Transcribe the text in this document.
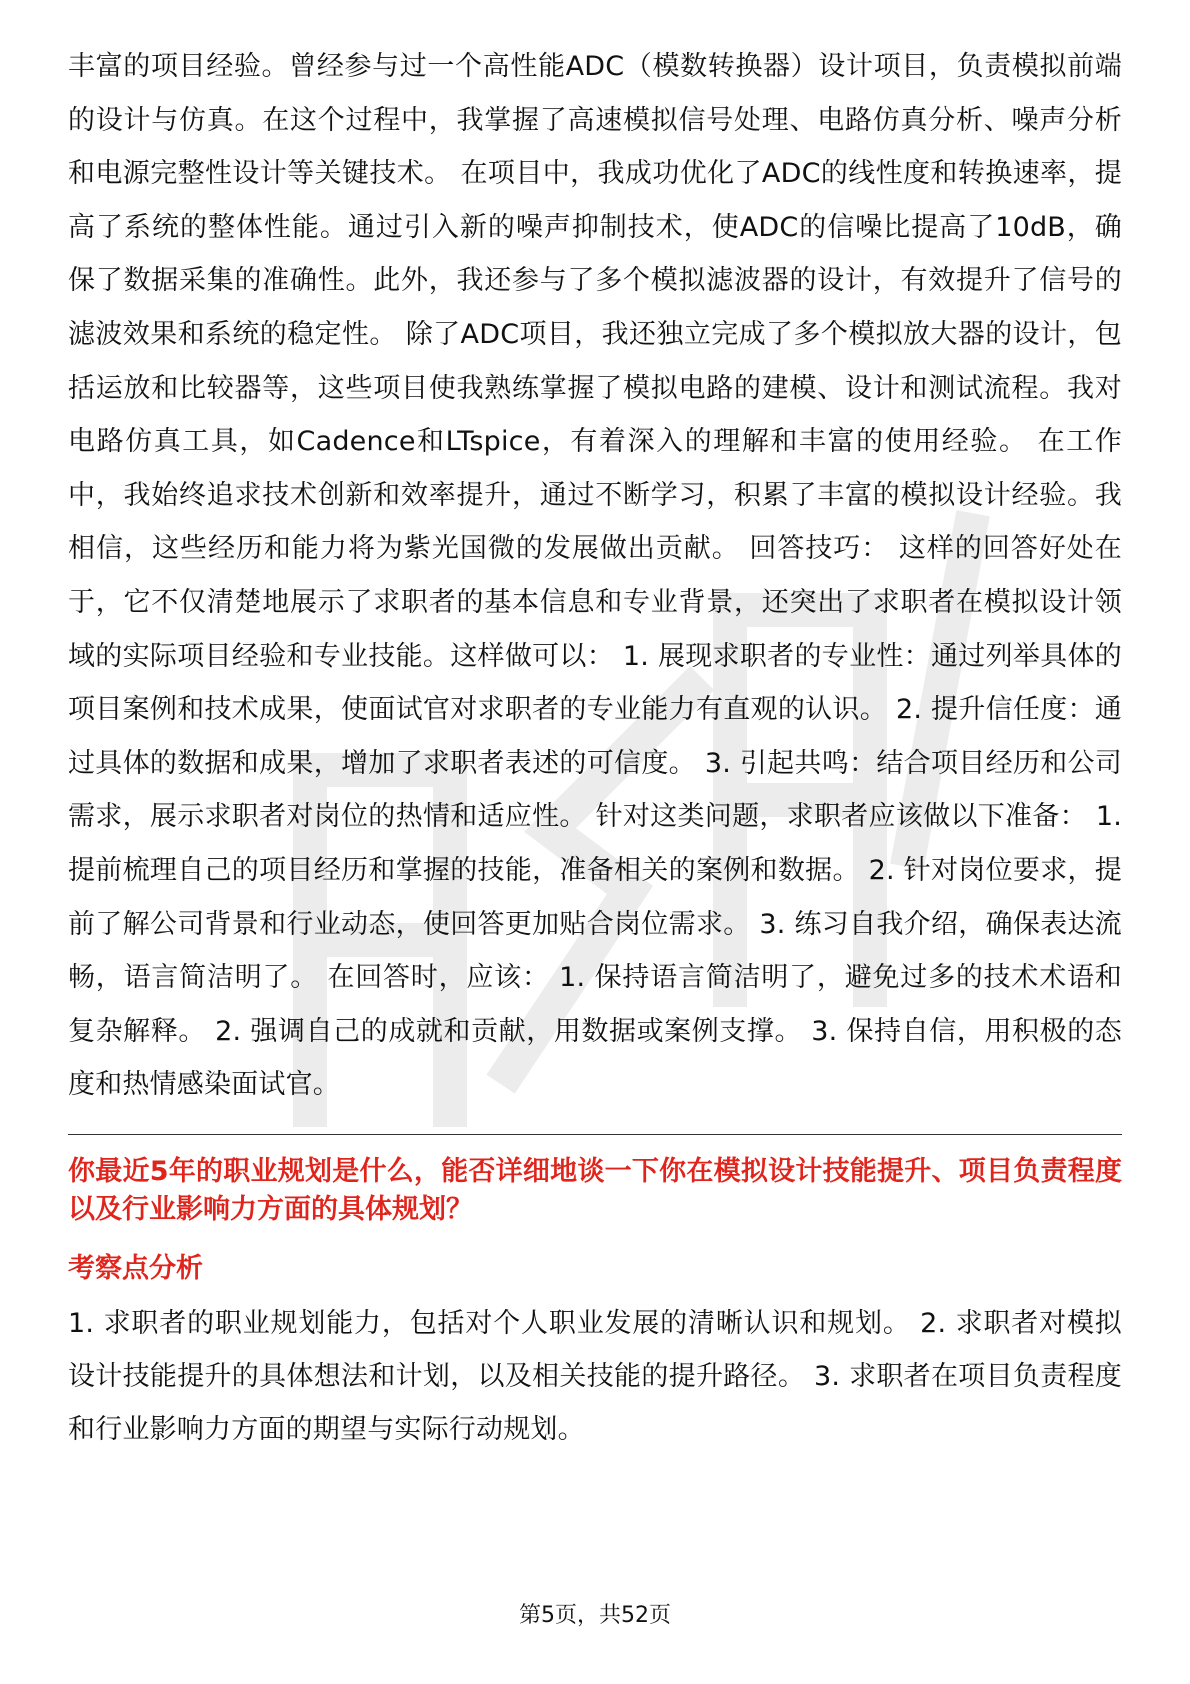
丰富的项目经验。曾经参与过一个高性能ADC（模数转换器）设计项目，负责模拟前端的设计与仿真。在这个过程中，我掌握了高速模拟信号处理、电路仿真分析、噪声分析和电源完整性设计等关键技术。 在项目中，我成功优化了ADC的线性度和转换速率，提高了系统的整体性能。通过引入新的噪声抑制技术，使ADC的信噪比提高了10dB，确保了数据采集的准确性。此外，我还参与了多个模拟滤波器的设计，有效提升了信号的滤波效果和系统的稳定性。 除了ADC项目，我还独立完成了多个模拟放大器的设计，包括运放和比较器等，这些项目使我熟练掌握了模拟电路的建模、设计和测试流程。我对电路仿真工具，如Cadence和LTspice，有着深入的理解和丰富的使用经验。 在工作中，我始终追求技术创新和效率提升，通过不断学习，积累了丰富的模拟设计经验。我相信，这些经历和能力将为紫光国微的发展做出贡献。 回答技巧： 这样的回答好处在于，它不仅清楚地展示了求职者的基本信息和专业背景，还突出了求职者在模拟设计领域的实际项目经验和专业技能。这样做可以： 1. 展现求职者的专业性：通过列举具体的项目案例和技术成果，使面试官对求职者的专业能力有直观的认识。 2. 提升信任度：通过具体的数据和成果，增加了求职者表述的可信度。 3. 引起共鸣：结合项目经历和公司需求，展示求职者对岗位的热情和适应性。 针对这类问题，求职者应该做以下准备： 1. 提前梳理自己的项目经历和掌握的技能，准备相关的案例和数据。 2. 针对岗位要求，提前了解公司背景和行业动态，使回答更加贴合岗位需求。 3. 练习自我介绍，确保表达流畅，语言简洁明了。 在回答时，应该： 1. 保持语言简洁明了，避免过多的技术术语和复杂解释。 2. 强调自己的成就和贡献，用数据或案例支撑。 3. 保持自信，用积极的态度和热情感染面试官。

你最近5年的职业规划是什么，能否详细地谈一下你在模拟设计技能提升、项目负责程度以及行业影响力方面的具体规划？

考察点分析

1. 求职者的职业规划能力，包括对个人职业发展的清晰认识和规划。 2. 求职者对模拟设计技能提升的具体想法和计划，以及相关技能的提升路径。 3. 求职者在项目负责程度和行业影响力方面的期望与实际行动规划。

第5页，共52页
